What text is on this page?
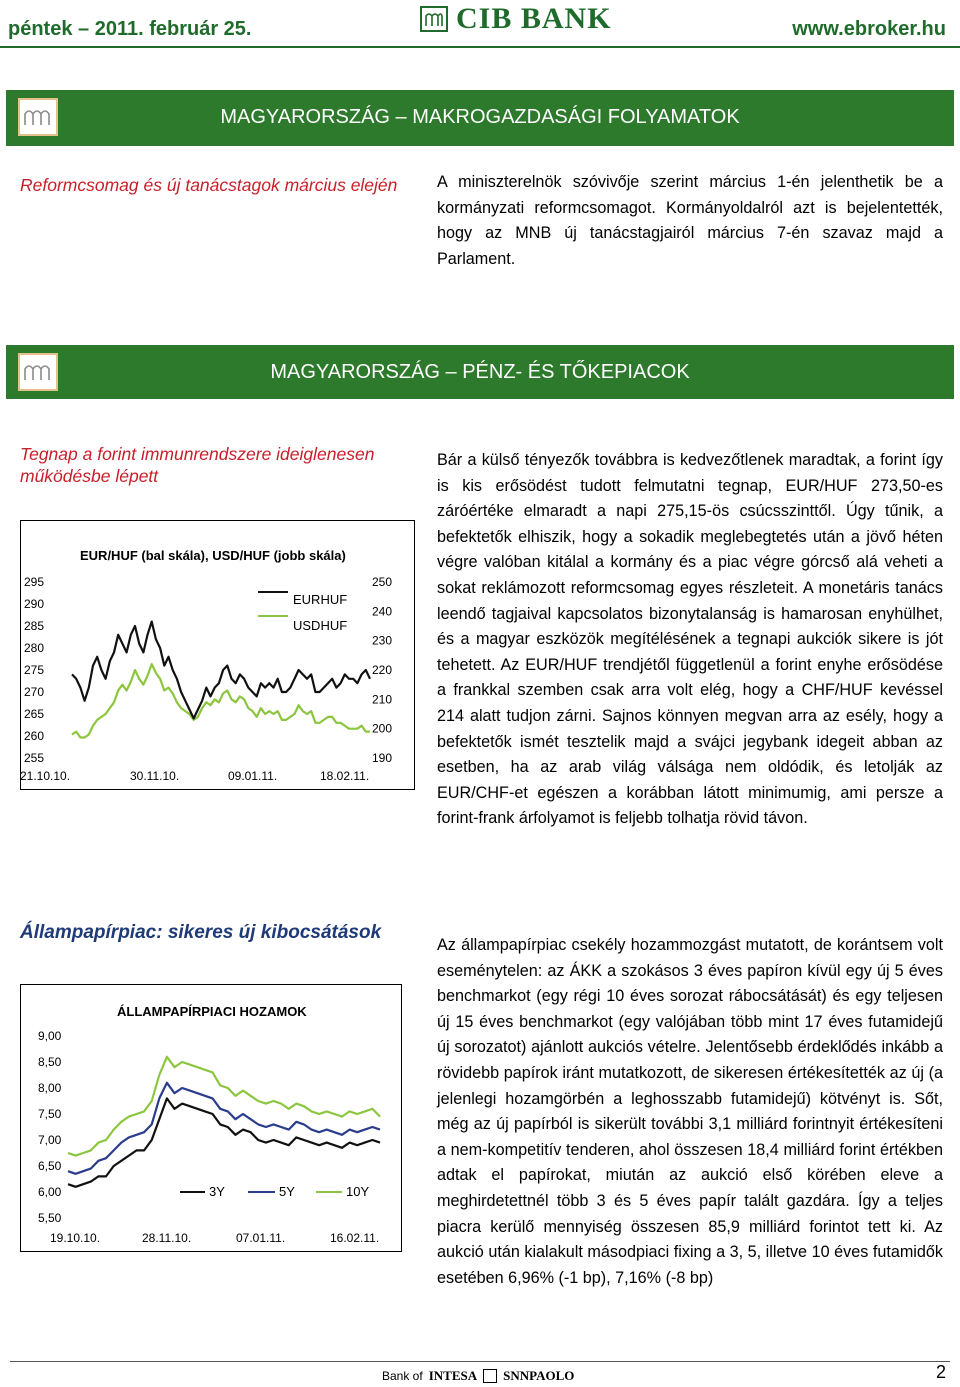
péntek – 2011. február 25.	CIB BANK	www.ebroker.hu
MAGYARORSZÁG – MAKROGAZDASÁGI FOLYAMATOK
Reformcsomag és új tanácstagok március elején A miniszterelnök szóvivője szerint március 1-én jelenthetik be a kormányzati reformcsomagot. Kormányoldalról azt is bejelentették, hogy az MNB új tanácstagjairól március 7-én szavaz majd a Parlament.
MAGYARORSZÁG – PÉNZ- ÉS TŐKEPIACOK
Tegnap a forint immunrendszere ideiglenesen működésbe lépett
Bár a külső tényezők továbbra is kedvezőtlenek maradtak, a forint így is kis erősödést tudott felmutatni tegnap, EUR/HUF 273,50-es záróértéke elmaradt a napi 275,15-ös csúcsszinttől. Úgy tűnik, a befektetők elhiszik, hogy a sokadik meglebegtetés után a jövő héten végre valóban kitálal a kormány és a piac végre górcső alá veheti a sokat reklámozott reformcsomag egyes részleteit. A monetáris tanács leendő tagjaival kapcsolatos bizonytalanság is hamarosan enyhülhet, és a magyar eszközök megítélésének a tegnapi aukciók sikere is jót tehetett. Az EUR/HUF trendjétől függetlenül a forint enyhe erősödése a frankkal szemben csak arra volt elég, hogy a CHF/HUF kevéssel 214 alatt tudjon zárni. Sajnos könnyen megvan arra az esély, hogy a befektetők ismét tesztelik majd a svájci jegybank idegeit abban az esetben, ha az arab világ válsága nem oldódik, és letolják az EUR/CHF-et egészen a korábban látott minimumig, ami persze a forint-frank árfolyamot is feljebb tolhatja rövid távon.
EUR/HUF (bal skála), USD/HUF (jobb skála)
295
290
285
280
275
270
265
260
255
250
240
230
220
210
200
190
21.10.10.	30.11.10.	09.01.11.	18.02.11.
EURHUF
USDHUF
Állampapírpiac: sikeres új kibocsátások
Az állampapírpiac csekély hozammozgást mutatott, de korántsem volt eseménytelen: az ÁKK a szokásos 3 éves papíron kívül egy új 5 éves benchmarkot (egy régi 10 éves sorozat rábocsátását) és egy teljesen új 15 éves benchmarkot (egy valójában több mint 17 éves futamidejű új sorozatot) ajánlott aukciós vételre. Jelentősebb érdeklődés inkább a rövidebb papírok iránt mutatkozott, de sikeresen értékesítették az új (a jelenlegi hozamgörbén a leghosszabb futamidejű) kötvényt is. Sőt, még az új papírból is sikerült további 3,1 milliárd forintnyit értékesíteni a nem-kompetitív tenderen, ahol összesen 18,4 milliárd forint értékben adtak el papírokat, miután az aukció első körében eleve a meghirdetettnél több 3 és 5 éves papír talált gazdára. Így a teljes piacra kerülő mennyiség összesen 85,9 milliárd forintot tett ki. Az aukció után kialakult másodpiaci fixing a 3, 5, illetve 10 éves futamidők esetében 6,96% (-1 bp), 7,16% (-8 bp)
ÁLLAMPAPÍRPIACI HOZAMOK
9,00
8,50
8,00
7,50
7,00
6,50
6,00
5,50
19.10.10.	28.11.10.	07.01.11.	16.02.11.
3Y	5Y	10Y
Bank of INTESA SNNPAOLO	2
